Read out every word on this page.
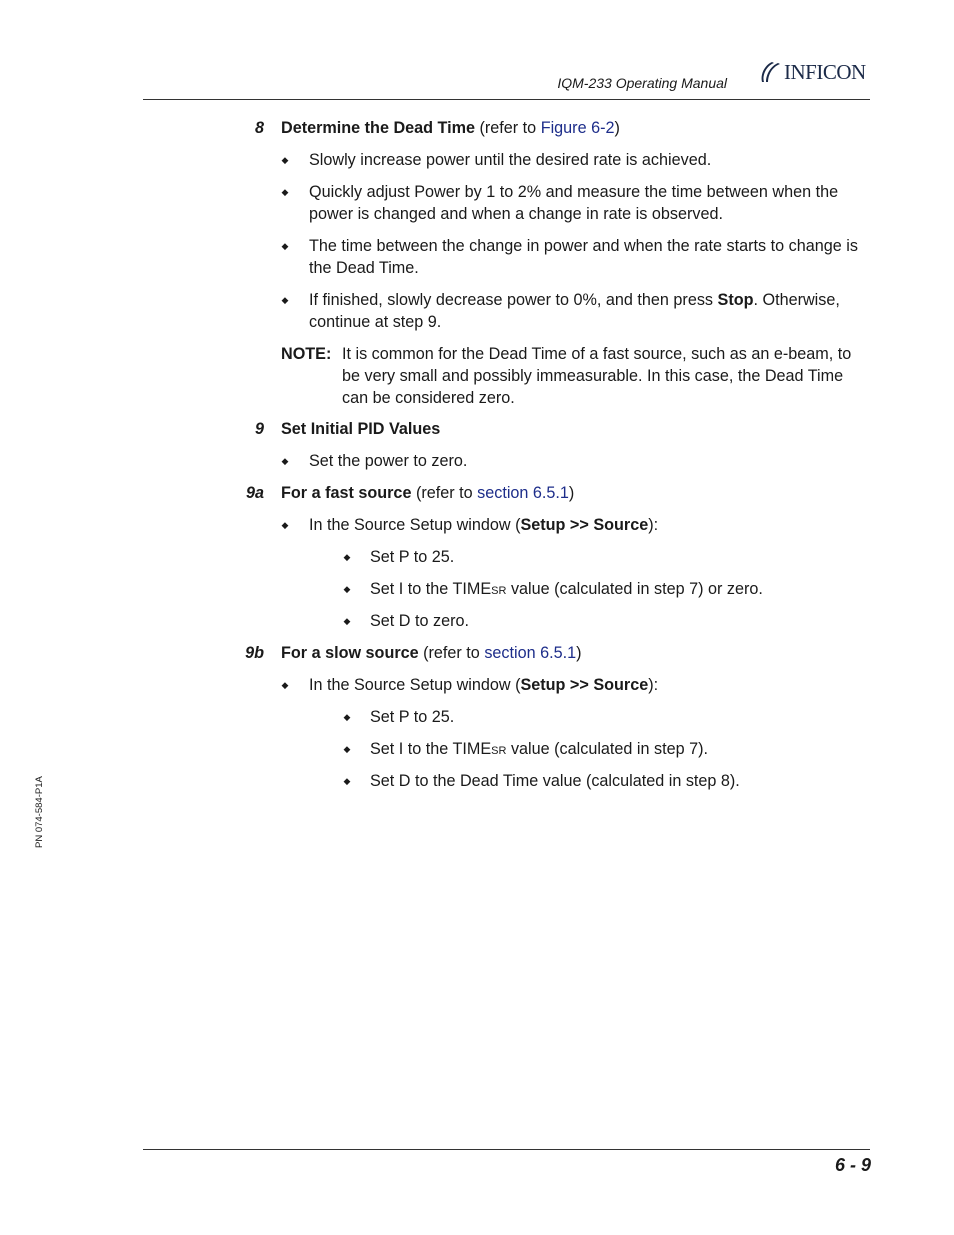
IQM-233 Operating Manual	INFICON
8 Determine the Dead Time (refer to Figure 6-2)
◆ Slowly increase power until the desired rate is achieved.
◆ Quickly adjust Power by 1 to 2% and measure the time between when the power is changed and when a change in rate is observed.
◆ The time between the change in power and when the rate starts to change is the Dead Time.
◆ If finished, slowly decrease power to 0%, and then press Stop. Otherwise, continue at step 9.
NOTE: It is common for the Dead Time of a fast source, such as an e-beam, to be very small and possibly immeasurable. In this case, the Dead Time can be considered zero.
9 Set Initial PID Values
◆ Set the power to zero.
9a For a fast source (refer to section 6.5.1)
◆ In the Source Setup window (Setup >> Source):
◆ Set P to 25.
◆ Set I to the TIMESR value (calculated in step 7) or zero.
◆ Set D to zero.
9b For a slow source (refer to section 6.5.1)
◆ In the Source Setup window (Setup >> Source):
◆ Set P to 25.
◆ Set I to the TIMESR value (calculated in step 7).
◆ Set D to the Dead Time value (calculated in step 8).
PN 074-584-P1A
6 - 9
